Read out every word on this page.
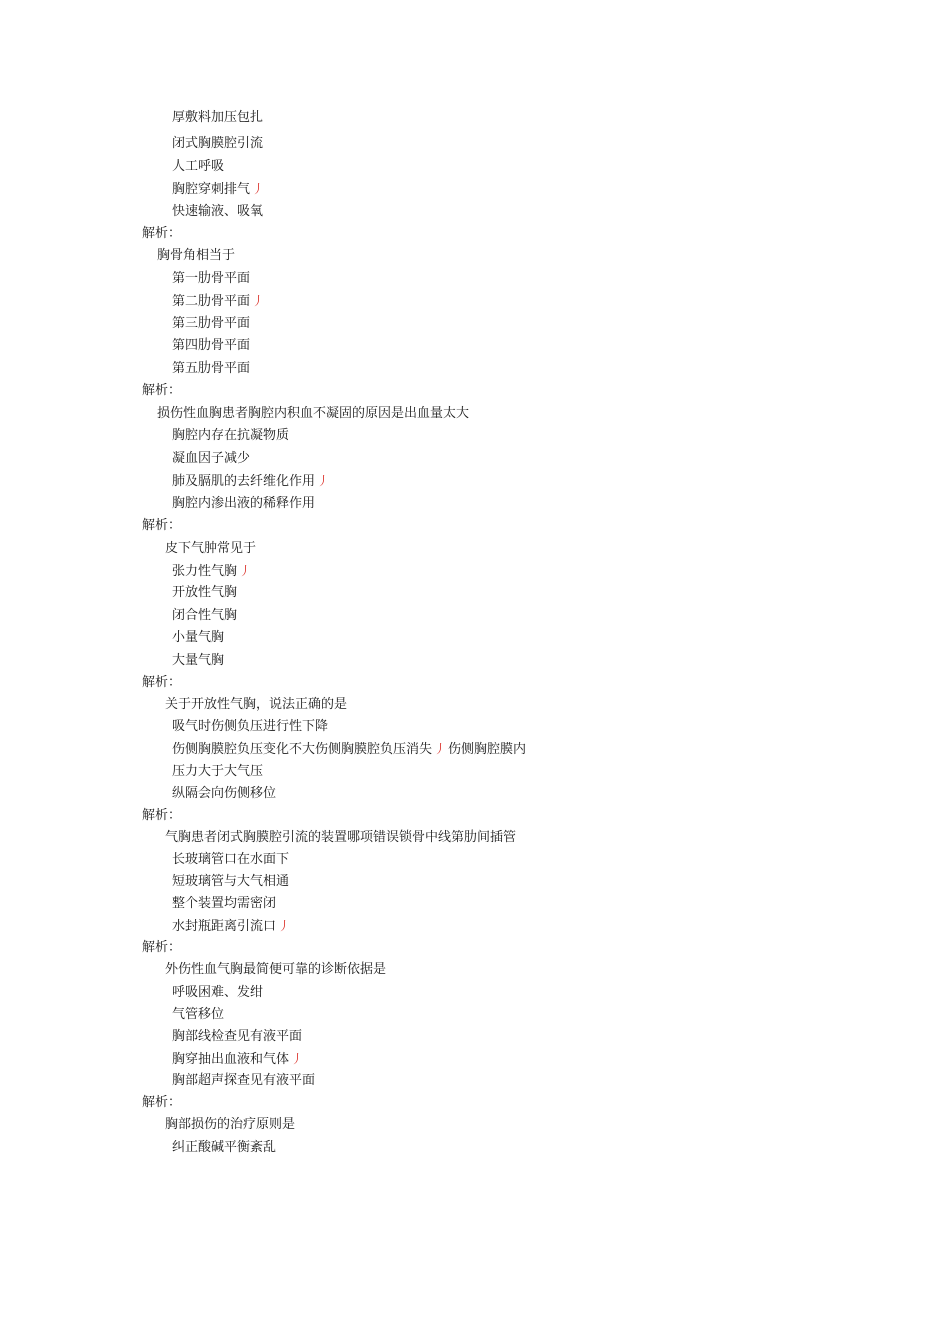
厚敷料加压包扎
闭式胸膜腔引流
人工呼吸
胸腔穿刺排气 丿
快速输液、吸氧
解析：
胸骨角相当于
第一肋骨平面
第二肋骨平面 丿
第三肋骨平面
第四肋骨平面
第五肋骨平面
解析：
损伤性血胸患者胸腔内积血不凝固的原因是出血量太大
胸腔内存在抗凝物质
凝血因子减少
肺及膈肌的去纤维化作用 丿
胸腔内渗出液的稀释作用
解析：
皮下气肿常见于
张力性气胸 丿
开放性气胸
闭合性气胸
小量气胸
大量气胸
解析：
关于开放性气胸，说法正确的是
吸气时伤侧负压进行性下降
伤侧胸膜腔负压变化不大伤侧胸膜腔负压消失 丿 伤侧胸腔膜内
压力大于大气压
纵隔会向伤侧移位
解析：
气胸患者闭式胸膜腔引流的装置哪项错误锁骨中线第肋间插管
长玻璃管口在水面下
短玻璃管与大气相通
整个装置均需密闭
水封瓶距离引流口 丿
解析：
外伤性血气胸最简便可靠的诊断依据是
呼吸困难、发绀
气管移位
胸部线检查见有液平面
胸穿抽出血液和气体 丿
胸部超声探查见有液平面
解析：
胸部损伤的治疗原则是
纠正酸碱平衡紊乱
